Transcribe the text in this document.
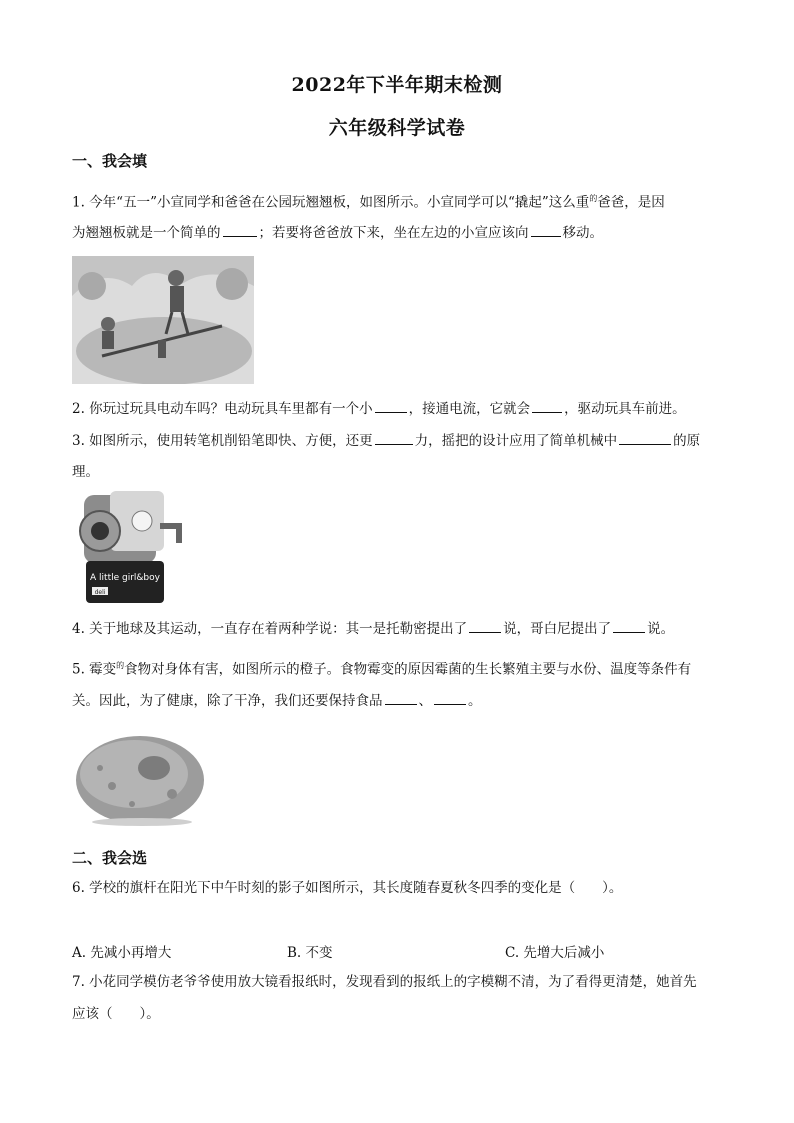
2022年下半年期末检测
六年级科学试卷
一、我会填
1. 今年“五一”小宣同学和爸爸在公园玩翘翘板，如图所示。小宣同学可以“撬起”这么重$^的$爸爸，是因
为翘翘板就是一个简单的	；若要将爸爸放下来，坐在左边的小宣应该向	移动。
2. 你玩过玩具电动车吗？电动玩具车里都有一个小	，接通电流，它就会	，驱动玩具车前进。
3. 如图所示，使用转笔机削铅笔即快、方便，还更	力，摇把的设计应用了简单机械中	的原
理。
A little girl&boy
deli
4. 关于地球及其运动，一直存在着两种学说：其一是托勒密提出了	说，哥白尼提出了	说。
5. 霉变$^的$食物对身体有害，如图所示的橙子。食物霉变的原因霉菌的生长繁殖主要与水份、温度等条件有
关。因此，为了健康，除了干净，我们还要保持食品	、	。
二、我会选
6. 学校的旗杆在阳光下中午时刻的影子如图所示，其长度随春夏秋冬四季的变化是（　　）。
A. 先减小再增大	B. 不变	C. 先增大后减小
7. 小花同学模仿老爷爷使用放大镜看报纸时，发现看到的报纸上的字模糊不清，为了看得更清楚，她首先
应该（　　）。
